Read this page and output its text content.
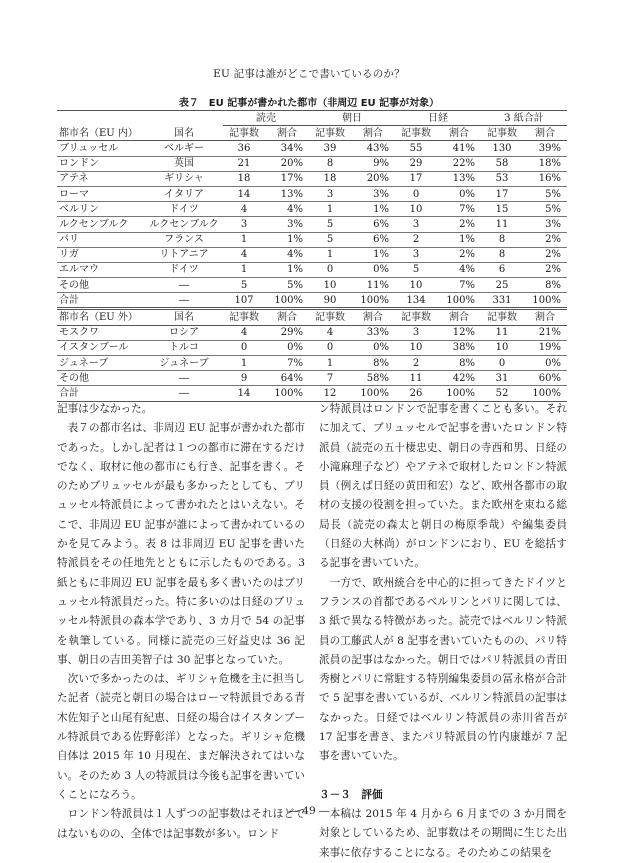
EU 記事は誰がどこで書いているのか？
表７　EU 記事が書かれた都市（非周辺 EU 記事が対象）
		読売		朝日		日経		3 紙合計	
都市名（EU 内）	国名	記事数	割合	記事数	割合	記事数	割合	記事数	割合
ブリュッセル	ベルギー	36	34%	39	43%	55	41%	130	39%
ロンドン	英国	21	20%	8	9%	29	22%	58	18%
アテネ	ギリシャ	18	17%	18	20%	17	13%	53	16%
ローマ	イタリア	14	13%	3	3%	0	0%	17	5%
ベルリン	ドイツ	4	4%	1	1%	10	7%	15	5%
ルクセンブルク	ルクセンブルク	3	3%	5	6%	3	2%	11	3%
パリ	フランス	1	1%	5	6%	2	1%	8	2%
リガ	リトアニア	4	4%	1	1%	3	2%	8	2%
エルマウ	ドイツ	1	1%	0	0%	5	4%	6	2%
その他	―	5	5%	10	11%	10	7%	25	8%
合計	―	107	100%	90	100%	134	100%	331	100%
都市名（EU 外）	国名	記事数	割合	記事数	割合	記事数	割合	記事数	割合
モスクワ	ロシア	4	29%	4	33%	3	12%	11	21%
イスタンブール	トルコ	0	0%	0	0%	10	38%	10	19%
ジュネーブ	ジュネーブ	1	7%	1	8%	2	8%	0	0%
その他	―	9	64%	7	58%	11	42%	31	60%
合計	―	14	100%	12	100%	26	100%	52	100%

記事は少なかった。

表７の都市名は、非周辺 EU 記事が書かれた都市であった。しかし記者は１つの都市に滞在するだけでなく、取材に他の都市にも行き、記事を書く。そのためブリュッセルが最も多かったとしても、ブリュッセル特派員によって書かれたとはいえない。そこで、非周辺 EU 記事が誰によって書かれているのかを見てみよう。表 8 は非周辺 EU 記事を書いた特派員をその任地先とともに示したものである。3 紙ともに非周辺 EU 記事を最も多く書いたのはブリュッセル特派員だった。特に多いのは日経のブリュッセル特派員の森本学であり、3 カ月で 54 の記事を執筆している。同様に読売の三好益史は 36 記事、朝日の吉田美智子は 30 記事となっていた。

次いで多かったのは、ギリシャ危機を主に担当した記者（読売と朝日の場合はローマ特派員である青木佐知子と山尾有紀恵、日経の場合はイスタンブール特派員である佐野彰洋）となった。ギリシャ危機自体は 2015 年 10 月現在、まだ解決されてはいない。そのため 3 人の特派員は今後も記事を書いていくことになろう。

ロンドン特派員は１人ずつの記事数はそれほどではないものの、全体では記事数が多い。ロンド

ン特派員はロンドンで記事を書くことも多い。それに加えて、ブリュッセルで記事を書いたロンドン特派員（読売の五十棲忠史、朝日の寺西和男、日経の小滝麻理子など）やアテネで取材したロンドン特派員（例えば日経の黄田和宏）など、欧州各都市の取材の支援の役割を担っていた。また欧州を束ねる総局長（読売の森太と朝日の梅原季哉）や編集委員（日経の大林尚）がロンドンにおり、EU を総括する記事を書いていた。

一方で、欧州統合を中心的に担ってきたドイツとフランスの首都であるベルリンとパリに関しては、3 紙で異なる特徴があった。読売ではベルリン特派員の工藤武人が 8 記事を書いていたものの、パリ特派員の記事はなかった。朝日ではパリ特派員の青田秀樹とパリに常駐する特別編集委員の冨永格が合計で 5 記事を書いているが、ベルリン特派員の記事はなかった。日経ではベルリン特派員の赤川省吾が 17 記事を書き、またパリ特派員の竹内康雄が 7 記事を書いていた。

３－３　評価

本稿は 2015 年 4 月から 6 月までの 3 か月間を対象としているため、記事数はその期間に生じた出来事に依存することになる。そのためこの結果を

― 49 ―
